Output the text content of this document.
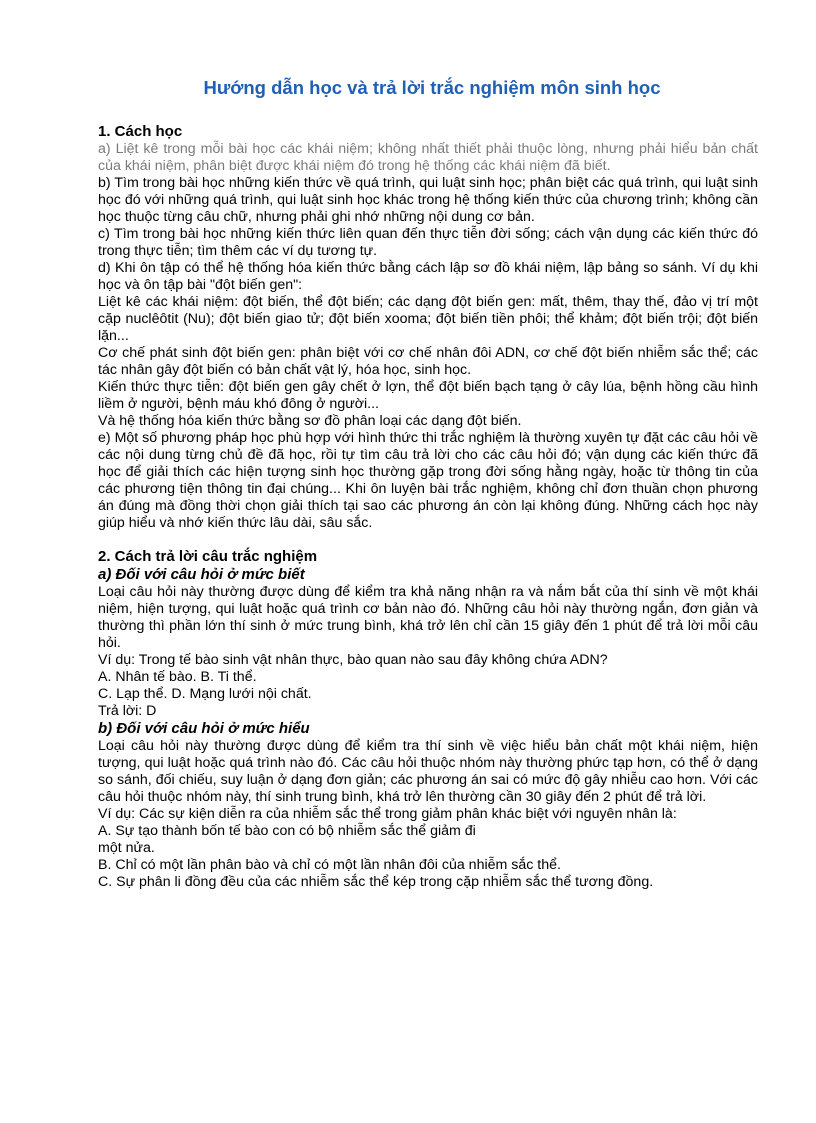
Hướng dẫn học và trả lời trắc nghiệm môn sinh học

1. Cách học

a) Liệt kê trong mỗi bài học các khái niệm; không nhất thiết phải thuộc lòng, nhưng phải hiểu bản chất của khái niệm, phân biệt được khái niệm đó trong hệ thống các khái niệm đã biết.

b) Tìm trong bài học những kiến thức về quá trình, qui luật sinh học; phân biệt các quá trình, qui luật sinh học đó với những quá trình, qui luật sinh học khác trong hệ thống kiến thức của chương trình; không cần học thuộc từng câu chữ, nhưng phải ghi nhớ những nội dung cơ bản.

c) Tìm trong bài học những kiến thức liên quan đến thực tiễn đời sống; cách vận dụng các kiến thức đó trong thực tiễn; tìm thêm các ví dụ tương tự.

d) Khi ôn tập có thể hệ thống hóa kiến thức bằng cách lập sơ đồ khái niệm, lập bảng so sánh. Ví dụ khi học và ôn tập bài "đột biến gen":

Liệt kê các khái niệm: đột biến, thể đột biến; các dạng đột biến gen: mất, thêm, thay thế, đảo vị trí một cặp nuclêôtit (Nu); đột biến giao tử; đột biến xooma; đột biến tiền phôi; thể khảm; đột biến trội; đột biến lặn...

Cơ chế phát sinh đột biến gen: phân biệt với cơ chế nhân đôi ADN, cơ chế đột biến nhiễm sắc thể; các tác nhân gây đột biến có bản chất vật lý, hóa học, sinh học.

Kiến thức thực tiễn: đột biến gen gây chết ở lợn, thể đột biến bạch tạng ở cây lúa, bệnh hồng cầu hình liềm ở người, bệnh máu khó đông ở người...

Và hệ thống hóa kiến thức bằng sơ đồ phân loại các dạng đột biến.

e) Một số phương pháp học phù hợp với hình thức thi trắc nghiệm là thường xuyên tự đặt các câu hỏi về các nội dung từng chủ đề đã học, rồi tự tìm câu trả lời cho các câu hỏi đó; vận dụng các kiến thức đã học để giải thích các hiện tượng sinh học thường gặp trong đời sống hằng ngày, hoặc từ thông tin của các phương tiện thông tin đại chúng... Khi ôn luyện bài trắc nghiệm, không chỉ đơn thuần chọn phương án đúng mà đồng thời chọn giải thích tại sao các phương án còn lại không đúng. Những cách học này giúp hiểu và nhớ kiến thức lâu dài, sâu sắc.

2. Cách trả lời câu trắc nghiệm

a) Đối với câu hỏi ở mức biết

Loại câu hỏi này thường được dùng để kiểm tra khả năng nhận ra và nắm bắt của thí sinh về một khái niệm, hiện tượng, qui luật hoặc quá trình cơ bản nào đó. Những câu hỏi này thường ngắn, đơn giản và thường thì phần lớn thí sinh ở mức trung bình, khá trở lên chỉ cần 15 giây đến 1 phút để trả lời mỗi câu hỏi.

Ví dụ: Trong tế bào sinh vật nhân thực, bào quan nào sau đây không chứa ADN?

A. Nhân tế bào. B. Ti thể.

C. Lạp thể. D. Mạng lưới nội chất.

Trả lời: D

b) Đối với câu hỏi ở mức hiểu

Loại câu hỏi này thường được dùng để kiểm tra thí sinh về việc hiểu bản chất một khái niệm, hiện tượng, qui luật hoặc quá trình nào đó. Các câu hỏi thuộc nhóm này thường phức tạp hơn, có thể ở dạng so sánh, đối chiếu, suy luận ở dạng đơn giản; các phương án sai có mức độ gây nhiễu cao hơn. Với các câu hỏi thuộc nhóm này, thí sinh trung bình, khá trở lên thường cần 30 giây đến 2 phút để trả lời.

Ví dụ: Các sự kiện diễn ra của nhiễm sắc thể trong giảm phân khác biệt với nguyên nhân là:

A. Sự tạo thành bốn tế bào con có bộ nhiễm sắc thể giảm đi

một nửa.

B. Chỉ có một lần phân bào và chỉ có một lần nhân đôi của nhiễm sắc thể.

C. Sự phân li đồng đều của các nhiễm sắc thể kép trong cặp nhiễm sắc thể tương đồng.
